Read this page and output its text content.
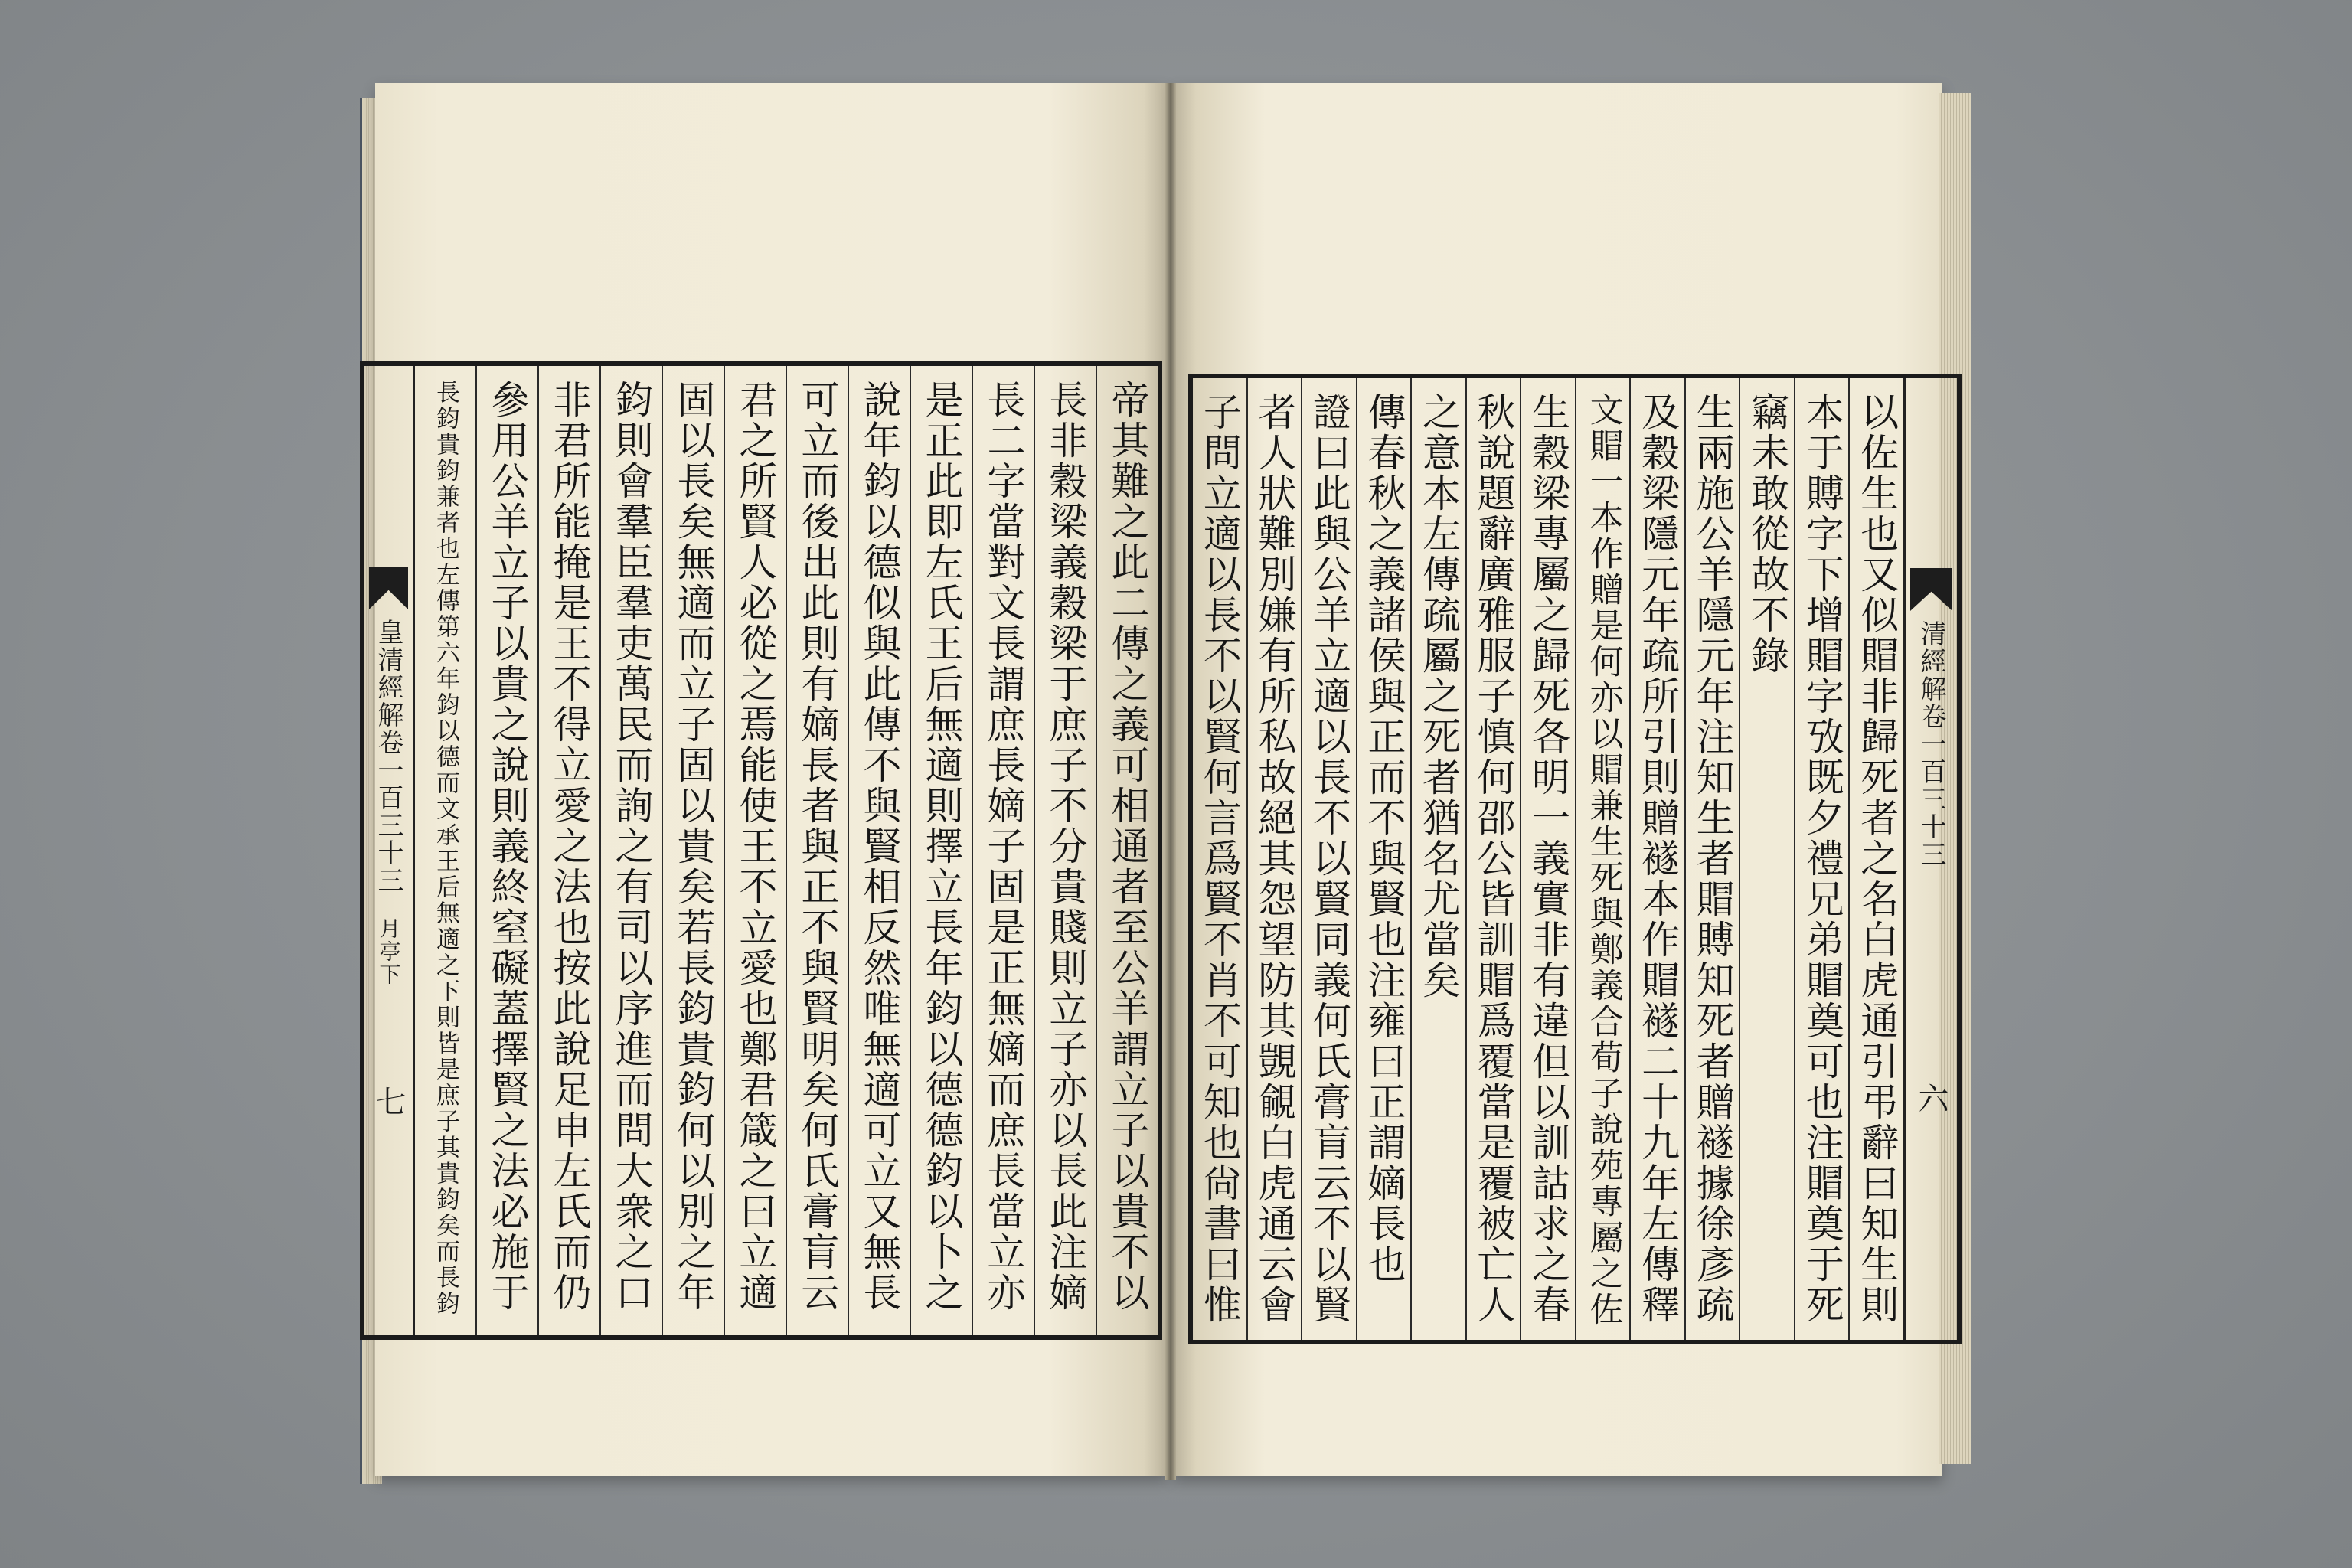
皇清經解卷一百三十三
月亭下
七	帝其難之此二傳之義可相通者至公羊謂立子以貴不以
長非穀梁義穀梁于庶子不分貴賤則立子亦以長此注嫡
長二字當對文長謂庶長嫡子固是正無嫡而庶長當立亦
是正此即左氏王后無適則擇立長年鈞以德德鈞以卜之
說年鈞以德似與此傳不與賢相反然唯無適可立又無長
可立而後出此則有嫡長者與正不與賢明矣何氏膏肓云
君之所賢人必從之焉能使王不立愛也鄭君箴之曰立適
固以長矣無適而立子固以貴矣若長鈞貴鈞何以別之年
鈞則會羣臣羣吏萬民而詢之有司以序進而問大衆之口
非君所能掩是王不得立愛之法也按此說足申左氏而仍
參用公羊立子以貴之說則義終窒礙蓋擇賢之法必施于
長鈞貴鈞兼者也左傳第六年鈞以德而文承王后無適之下則皆是庶子其貴鈞矣而長鈞	以佐生也又似賵非歸死者之名白虎通引弔辭曰知生則
本于賻字下增賵字攷既夕禮兄弟賵奠可也注賵奠于死
竊未敢從故不錄
生兩施公羊隱元年注知生者賵賻知死者贈襚據徐彥疏
及穀梁隱元年疏所引則贈襚本作賵襚二十九年左傳釋
文賵一本作贈是何亦以賵兼生死與鄭義合荀子說苑專屬之佐
生穀梁專屬之歸死各明一義實非有違但以訓詁求之春
秋說題辭廣雅服子慎何邵公皆訓賵爲覆當是覆被亡人
之意本左傳疏屬之死者猶名尤當矣
傳春秋之義諸侯與正而不與賢也注雍曰正謂嫡長也
證曰此與公羊立適以長不以賢同義何氏膏肓云不以賢
者人狀難別嫌有所私故絕其怨望防其覬覦白虎通云會
子問立適以長不以賢何言爲賢不肖不可知也尙書曰惟	清經解卷一百三十三
六
